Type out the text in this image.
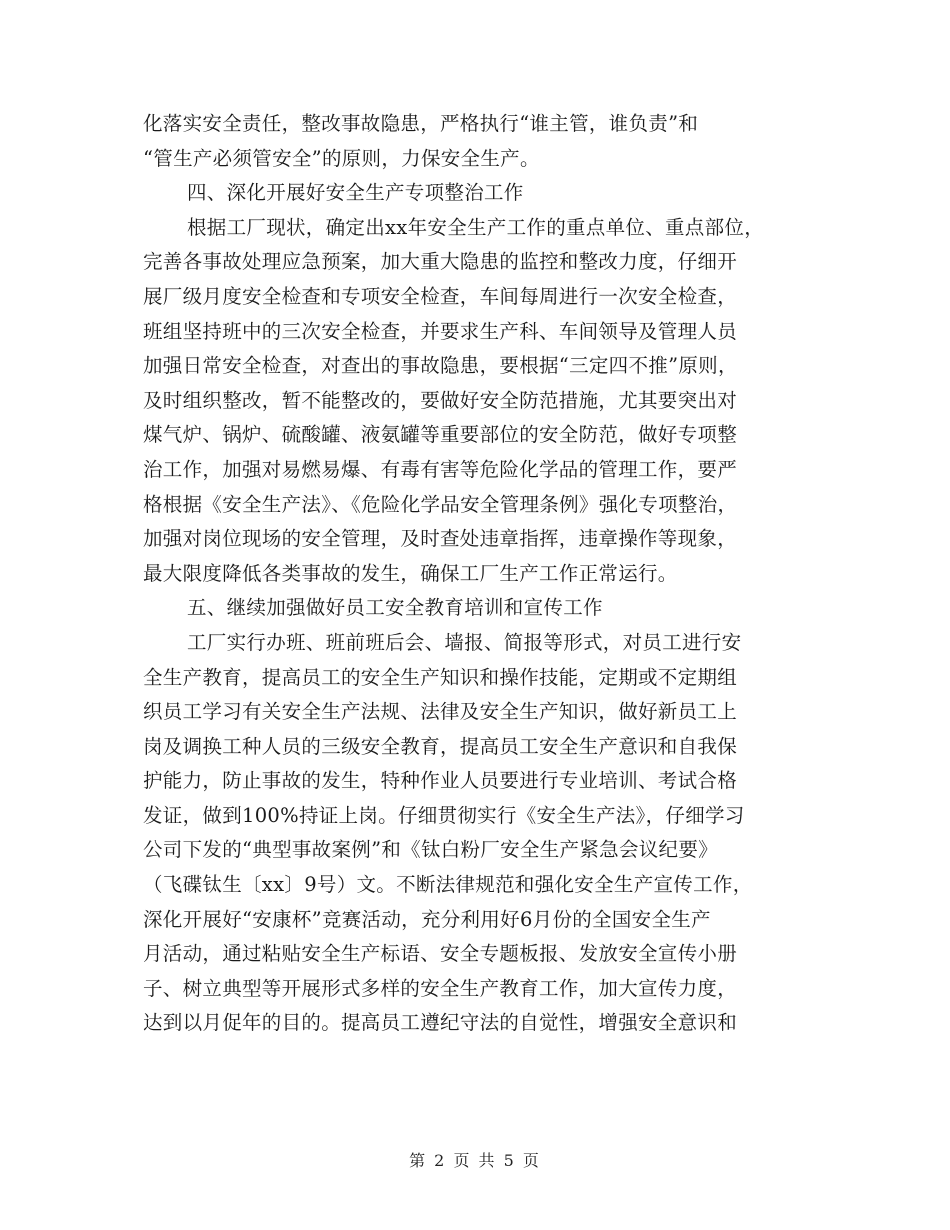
化落实安全责任，整改事故隐患，严格执行“谁主管，谁负责”和
“管生产必须管安全”的原则，力保安全生产。
四、深化开展好安全生产专项整治工作
根据工厂现状，确定出xx年安全生产工作的重点单位、重点部位，
完善各事故处理应急预案，加大重大隐患的监控和整改力度，仔细开
展厂级月度安全检查和专项安全检查，车间每周进行一次安全检查，
班组坚持班中的三次安全检查，并要求生产科、车间领导及管理人员
加强日常安全检查，对查出的事故隐患，要根据“三定四不推”原则，
及时组织整改，暂不能整改的，要做好安全防范措施，尤其要突出对
煤气炉、锅炉、硫酸罐、液氨罐等重要部位的安全防范，做好专项整
治工作，加强对易燃易爆、有毒有害等危险化学品的管理工作，要严
格根据《安全生产法》、《危险化学品安全管理条例》强化专项整治，
加强对岗位现场的安全管理，及时查处违章指挥，违章操作等现象，
最大限度降低各类事故的发生，确保工厂生产工作正常运行。
五、继续加强做好员工安全教育培训和宣传工作
工厂实行办班、班前班后会、墙报、简报等形式，对员工进行安
全生产教育，提高员工的安全生产知识和操作技能，定期或不定期组
织员工学习有关安全生产法规、法律及安全生产知识，做好新员工上
岗及调换工种人员的三级安全教育，提高员工安全生产意识和自我保
护能力，防止事故的发生，特种作业人员要进行专业培训、考试合格
发证，做到100%持证上岗。仔细贯彻实行《安全生产法》，仔细学习
公司下发的“典型事故案例”和《钛白粉厂安全生产紧急会议纪要》
（飞碟钛生〔xx〕9号）文。不断法律规范和强化安全生产宣传工作，
深化开展好“安康杯”竞赛活动，充分利用好6月份的全国安全生产
月活动，通过粘贴安全生产标语、安全专题板报、发放安全宣传小册
子、树立典型等开展形式多样的安全生产教育工作，加大宣传力度，
达到以月促年的目的。提高员工遵纪守法的自觉性，增强安全意识和
第 2 页 共 5 页
